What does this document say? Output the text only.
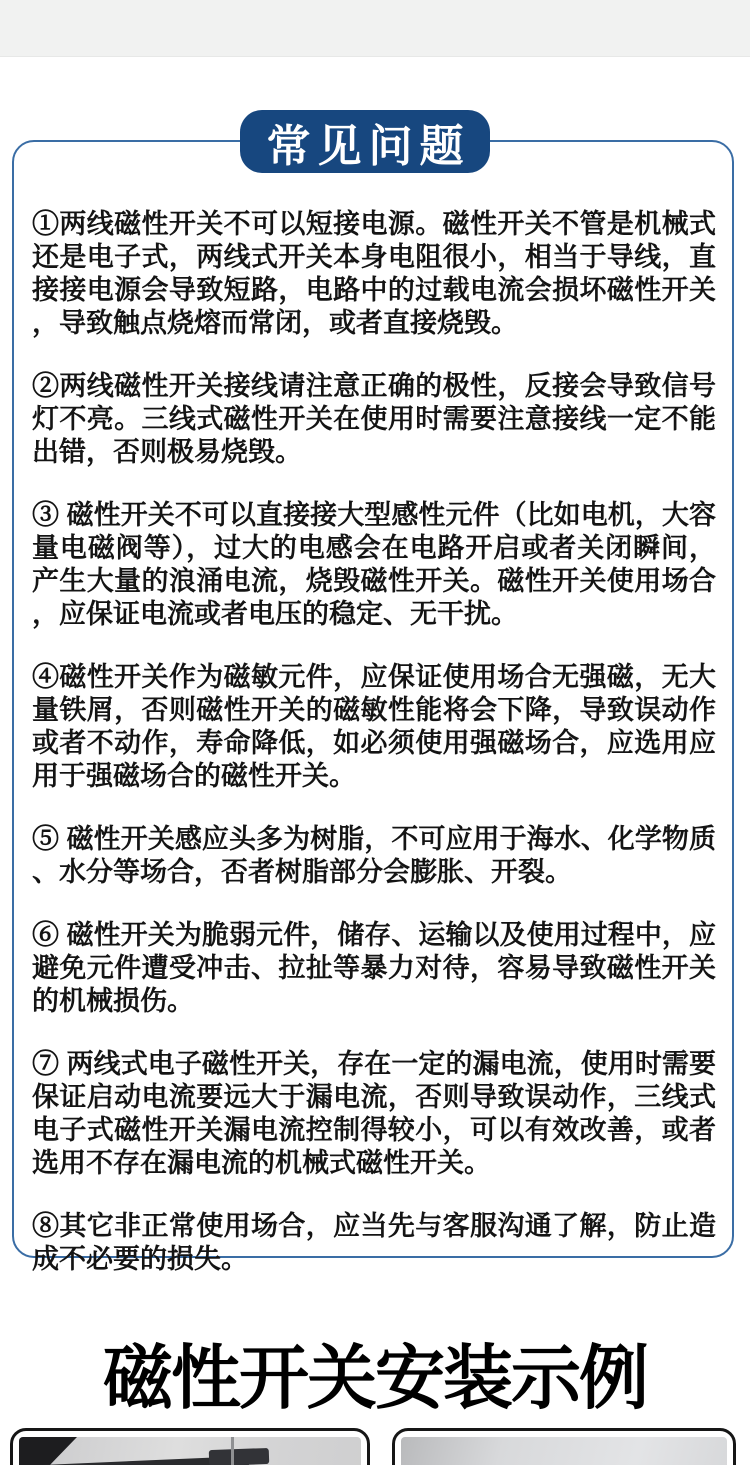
①两线磁性开关不可以短接电源。磁性开关不管是机械式还是电子式，两线式开关本身电阻很小，相当于导线，直接接电源会导致短路，电路中的过载电流会损坏磁性开关，导致触点烧熔而常闭，或者直接烧毁。

②两线磁性开关接线请注意正确的极性，反接会导致信号灯不亮。三线式磁性开关在使用时需要注意接线一定不能出错，否则极易烧毁。

③ 磁性开关不可以直接接大型感性元件（比如电机，大容量电磁阀等），过大的电感会在电路开启或者关闭瞬间，产生大量的浪涌电流，烧毁磁性开关。磁性开关使用场合，应保证电流或者电压的稳定、无干扰。

④磁性开关作为磁敏元件，应保证使用场合无强磁，无大量铁屑，否则磁性开关的磁敏性能将会下降，导致误动作或者不动作，寿命降低，如必须使用强磁场合，应选用应用于强磁场合的磁性开关。

⑤ 磁性开关感应头多为树脂，不可应用于海水、化学物质、水分等场合，否者树脂部分会膨胀、开裂。

⑥ 磁性开关为脆弱元件，储存、运输以及使用过程中，应避免元件遭受冲击、拉扯等暴力对待，容易导致磁性开关的机械损伤。

⑦ 两线式电子磁性开关，存在一定的漏电流，使用时需要保证启动电流要远大于漏电流，否则导致误动作，三线式电子式磁性开关漏电流控制得较小，可以有效改善，或者选用不存在漏电流的机械式磁性开关。

⑧其它非正常使用场合，应当先与客服沟通了解，防止造成不必要的损失。

常见问题
磁性开关安装示例
